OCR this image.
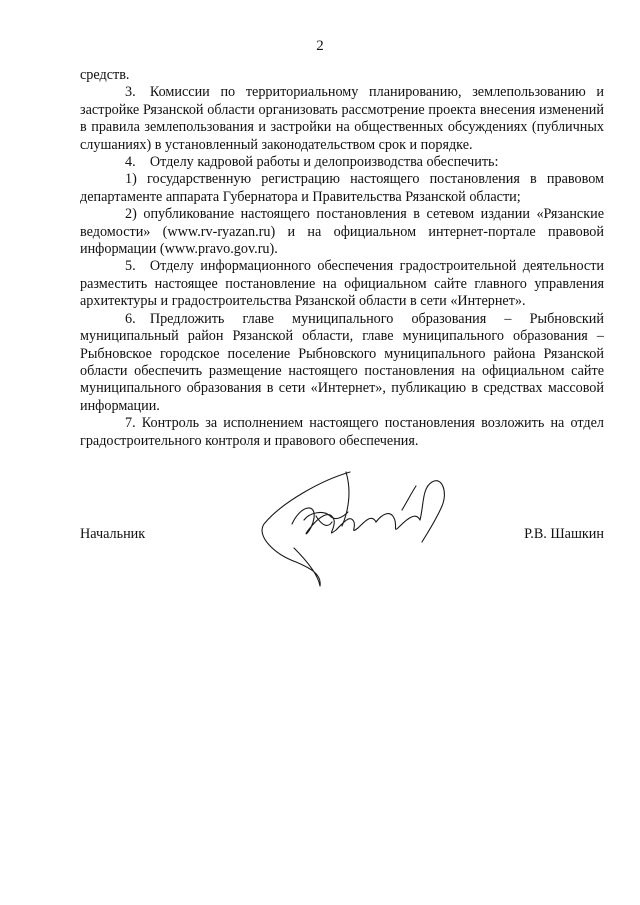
2

средств.

3. Комиссии по территориальному планированию, землепользованию и застройке Рязанской области организовать рассмотрение проекта внесения изменений в правила землепользования и застройки на общественных обсуждениях (публичных слушаниях) в установленный законодательством срок и порядке.

4. Отделу кадровой работы и делопроизводства обеспечить:

1) государственную регистрацию настоящего постановления в правовом департаменте аппарата Губернатора и Правительства Рязанской области;

2) опубликование настоящего постановления в сетевом издании «Рязанские ведомости» (www.rv-ryazan.ru) и на официальном интернет-портале правовой информации (www.pravo.gov.ru).

5. Отделу информационного обеспечения градостроительной деятельности разместить настоящее постановление на официальном сайте главного управления архитектуры и градостроительства Рязанской области в сети «Интернет».

6. Предложить главе муниципального образования – Рыбновский муниципальный район Рязанской области, главе муниципального образования – Рыбновское городское поселение Рыбновского муниципального района Рязанской области обеспечить размещение настоящего постановления на официальном сайте муниципального образования в сети «Интернет», публикацию в средствах массовой информации.

7. Контроль за исполнением настоящего постановления возложить на отдел градостроительного контроля и правового обеспечения.

Начальник	Р.В. Шашкин
